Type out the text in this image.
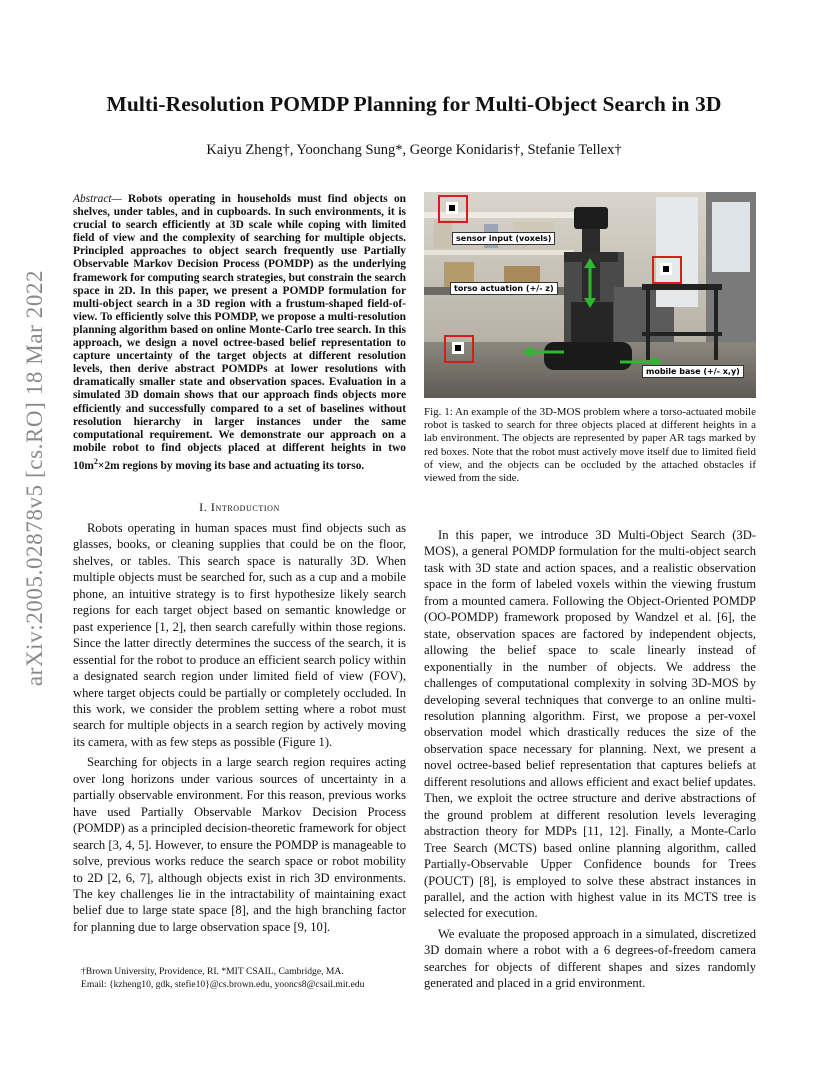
arXiv:2005.02878v5 [cs.RO] 18 Mar 2022
Multi-Resolution POMDP Planning for Multi-Object Search in 3D
Kaiyu Zheng†, Yoonchang Sung*, George Konidaris†, Stefanie Tellex†
Abstract— Robots operating in households must find objects on shelves, under tables, and in cupboards. In such environments, it is crucial to search efficiently at 3D scale while coping with limited field of view and the complexity of searching for multiple objects. Principled approaches to object search frequently use Partially Observable Markov Decision Process (POMDP) as the underlying framework for computing search strategies, but constrain the search space in 2D. In this paper, we present a POMDP formulation for multi-object search in a 3D region with a frustum-shaped field-of-view. To efficiently solve this POMDP, we propose a multi-resolution planning algorithm based on online Monte-Carlo tree search. In this approach, we design a novel octree-based belief representation to capture uncertainty of the target objects at different resolution levels, then derive abstract POMDPs at lower resolutions with dramatically smaller state and observation spaces. Evaluation in a simulated 3D domain shows that our approach finds objects more efficiently and successfully compared to a set of baselines without resolution hierarchy in larger instances under the same computational requirement. We demonstrate our approach on a mobile robot to find objects placed at different heights in two $10m^2\times 2m$ regions by moving its base and actuating its torso.
I. Introduction

Robots operating in human spaces must find objects such as glasses, books, or cleaning supplies that could be on the floor, shelves, or tables. This search space is naturally 3D. When multiple objects must be searched for, such as a cup and a mobile phone, an intuitive strategy is to first hypothesize likely search regions for each target object based on semantic knowledge or past experience [1, 2], then search carefully within those regions. Since the latter directly determines the success of the search, it is essential for the robot to produce an efficient search policy within a designated search region under limited field of view (FOV), where target objects could be partially or completely occluded. In this work, we consider the problem setting where a robot must search for multiple objects in a search region by actively moving its camera, with as few steps as possible (Figure 1).

Searching for objects in a large search region requires acting over long horizons under various sources of uncertainty in a partially observable environment. For this reason, previous works have used Partially Observable Markov Decision Process (POMDP) as a principled decision-theoretic framework for object search [3, 4, 5]. However, to ensure the POMDP is manageable to solve, previous works reduce the search space or robot mobility to 2D [2, 6, 7], although objects exist in rich 3D environments. The key challenges lie in the intractability of maintaining exact belief due to large state space [8], and the high branching factor for planning due to large observation space [9, 10].

†Brown University, Providence, RI. *MIT CSAIL, Cambridge, MA.

Email: {kzheng10, gdk, stefie10}@cs.brown.edu, yooncs8@csail.mit.edu

sensor input (voxels)
torso actuation (+/- z)
mobile base (+/- x,y)
Fig. 1: An example of the 3D-MOS problem where a torso-actuated mobile robot is tasked to search for three objects placed at different heights in a lab environment. The objects are represented by paper AR tags marked by red boxes. Note that the robot must actively move itself due to limited field of view, and the objects can be occluded by the attached obstacles if viewed from the side.

In this paper, we introduce 3D Multi-Object Search (3D-MOS), a general POMDP formulation for the multi-object search task with 3D state and action spaces, and a realistic observation space in the form of labeled voxels within the viewing frustum from a mounted camera. Following the Object-Oriented POMDP (OO-POMDP) framework proposed by Wandzel et al. [6], the state, observation spaces are factored by independent objects, allowing the belief space to scale linearly instead of exponentially in the number of objects. We address the challenges of computational complexity in solving 3D-MOS by developing several techniques that converge to an online multi-resolution planning algorithm. First, we propose a per-voxel observation model which drastically reduces the size of the observation space necessary for planning. Next, we present a novel octree-based belief representation that captures beliefs at different resolutions and allows efficient and exact belief updates. Then, we exploit the octree structure and derive abstractions of the ground problem at different resolution levels leveraging abstraction theory for MDPs [11, 12]. Finally, a Monte-Carlo Tree Search (MCTS) based online planning algorithm, called Partially-Observable Upper Confidence bounds for Trees (POUCT) [8], is employed to solve these abstract instances in parallel, and the action with highest value in its MCTS tree is selected for execution.

We evaluate the proposed approach in a simulated, discretized 3D domain where a robot with a 6 degrees-of-freedom camera searches for objects of different shapes and sizes randomly generated and placed in a grid environment.
